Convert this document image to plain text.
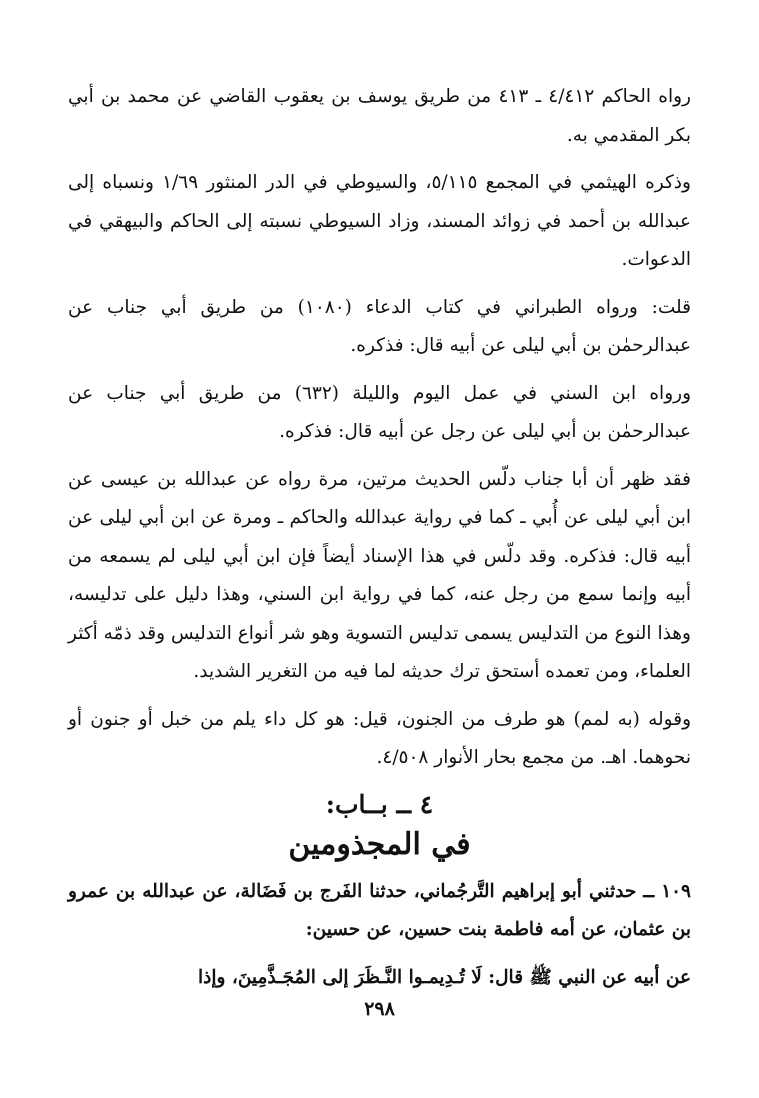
رواه الحاكم ٤/٤١٢ ـ ٤١٣ من طريق يوسف بن يعقوب القاضي عن محمد بن أبي بكر المقدمي به.

وذكره الهيثمي في المجمع ٥/١١٥، والسيوطي في الدر المنثور ١/٦٩ ونسباه إلى عبدالله بن أحمد في زوائد المسند، وزاد السيوطي نسبته إلى الحاكم والبيهقي في الدعوات.

قلت: ورواه الطبراني في كتاب الدعاء (١٠٨٠) من طريق أبي جناب عن عبدالرحمٰن بن أبي ليلى عن أبيه قال: فذكره.

ورواه ابن السني في عمل اليوم والليلة (٦٣٢) من طريق أبي جناب عن عبدالرحمٰن بن أبي ليلى عن رجل عن أبيه قال: فذكره.

فقد ظهر أن أبا جناب دلّس الحديث مرتين، مرة رواه عن عبدالله بن عيسى عن ابن أبي ليلى عن أُبي ـ كما في رواية عبدالله والحاكم ـ ومرة عن ابن أبي ليلى عن أبيه قال: فذكره. وقد دلّس في هذا الإسناد أيضاً فإن ابن أبي ليلى لم يسمعه من أبيه وإنما سمع من رجل عنه، كما في رواية ابن السني، وهذا دليل على تدليسه، وهذا النوع من التدليس يسمى تدليس التسوية وهو شر أنواع التدليس وقد ذمّه أكثر العلماء، ومن تعمده أستحق ترك حديثه لما فيه من التغرير الشديد.

وقوله (به لمم) هو طرف من الجنون، قيل: هو كل داء يلم من خبل أو جنون أو نحوهما. اهـ. من مجمع بحار الأنوار ٤/٥٠٨.

٤ ــ بــاب:
في المجذومين

١٠٩ ــ حدثني أبو إبراهيم التَّرجُماني، حدثنا الفَرج بن فَضَالة، عن عبدالله بن عمرو بن عثمان، عن أمه فاطمة بنت حسين، عن حسين:

عن أبيه عن النبي ﷺ قال: لَا تُـدِيمـوا النَّـظَرَ إلى المُجَـذَّمِينَ، وإذا

٢٩٨
